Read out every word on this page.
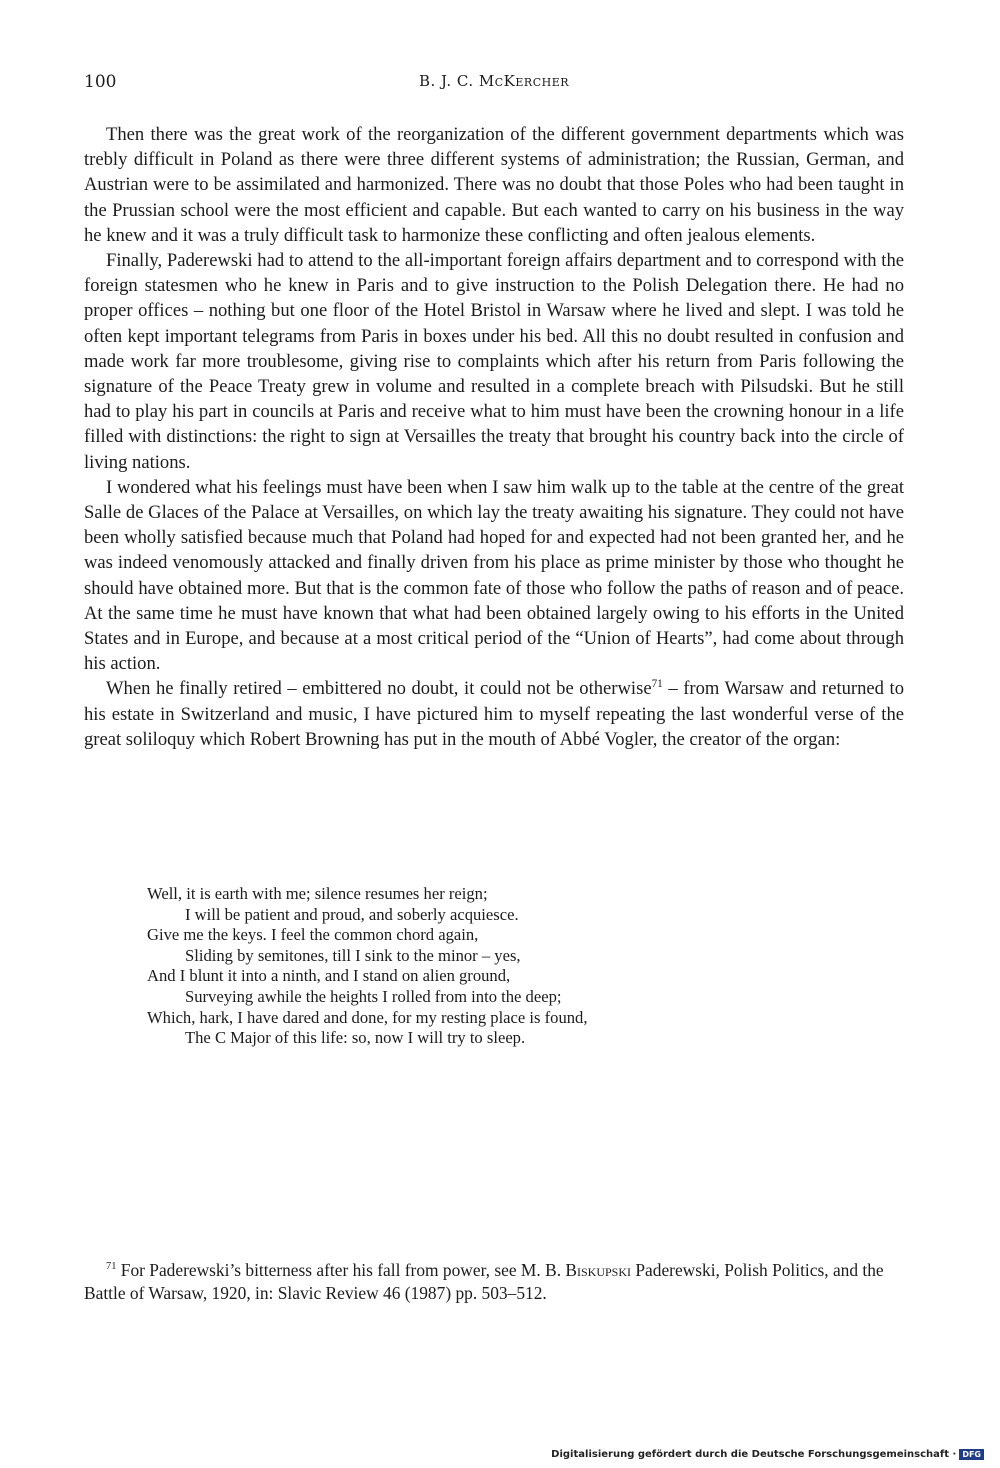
100	B. J. C. McKercher

Then there was the great work of the reorganization of the different government departments which was trebly difficult in Poland as there were three different systems of administration; the Russian, German, and Austrian were to be assimilated and harmonized. There was no doubt that those Poles who had been taught in the Prussian school were the most efficient and capable. But each wanted to carry on his business in the way he knew and it was a truly difficult task to harmonize these conflicting and often jealous elements.

Finally, Paderewski had to attend to the all-important foreign affairs department and to correspond with the foreign statesmen who he knew in Paris and to give instruction to the Polish Delegation there. He had no proper offices – nothing but one floor of the Hotel Bristol in Warsaw where he lived and slept. I was told he often kept important telegrams from Paris in boxes under his bed. All this no doubt resulted in confusion and made work far more troublesome, giving rise to complaints which after his return from Paris following the signature of the Peace Treaty grew in volume and resulted in a complete breach with Pilsudski. But he still had to play his part in councils at Paris and receive what to him must have been the crowning honour in a life filled with distinctions: the right to sign at Versailles the treaty that brought his country back into the circle of living nations.

I wondered what his feelings must have been when I saw him walk up to the table at the centre of the great Salle de Glaces of the Palace at Versailles, on which lay the treaty awaiting his signature. They could not have been wholly satisfied because much that Poland had hoped for and expected had not been granted her, and he was indeed venomously attacked and finally driven from his place as prime minister by those who thought he should have obtained more. But that is the common fate of those who follow the paths of reason and of peace. At the same time he must have known that what had been obtained largely owing to his efforts in the United States and in Europe, and because at a most critical period of the “Union of Hearts”, had come about through his action.

When he finally retired – embittered no doubt, it could not be otherwise$^{71}$ – from Warsaw and returned to his estate in Switzerland and music, I have pictured him to myself repeating the last wonderful verse of the great soliloquy which Robert Browning has put in the mouth of Abbé Vogler, the creator of the organ:

Well, it is earth with me; silence resumes her reign;
I will be patient and proud, and soberly acquiesce.
Give me the keys. I feel the common chord again,
Sliding by semitones, till I sink to the minor – yes,
And I blunt it into a ninth, and I stand on alien ground,
Surveying awhile the heights I rolled from into the deep;
Which, hark, I have dared and done, for my resting place is found,
The C Major of this life: so, now I will try to sleep.
$^{71}$ For Paderewski’s bitterness after his fall from power, see M. B. Biskupski Paderewski, Polish Politics, and the Battle of Warsaw, 1920, in: Slavic Review 46 (1987) pp. 503–512.
Digitalisierung gefördert durch die Deutsche Forschungsgemeinschaft · DFG
